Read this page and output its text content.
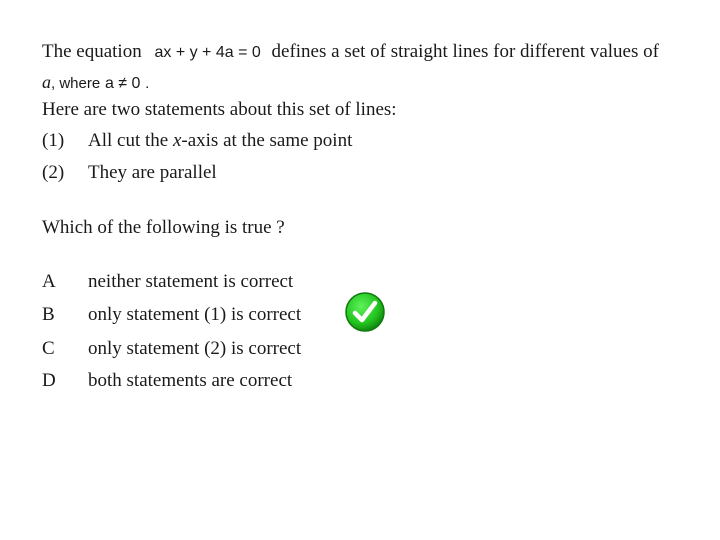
The equation ax + y + 4a = 0 defines a set of straight lines for different values of
a, where a ≠ 0 .
Here are two statements about this set of lines:
(1) All cut the x-axis at the same point
(2) They are parallel
Which of the following is true ?
A neither statement is correct
B only statement (1) is correct
C only statement (2) is correct
D both statements are correct
